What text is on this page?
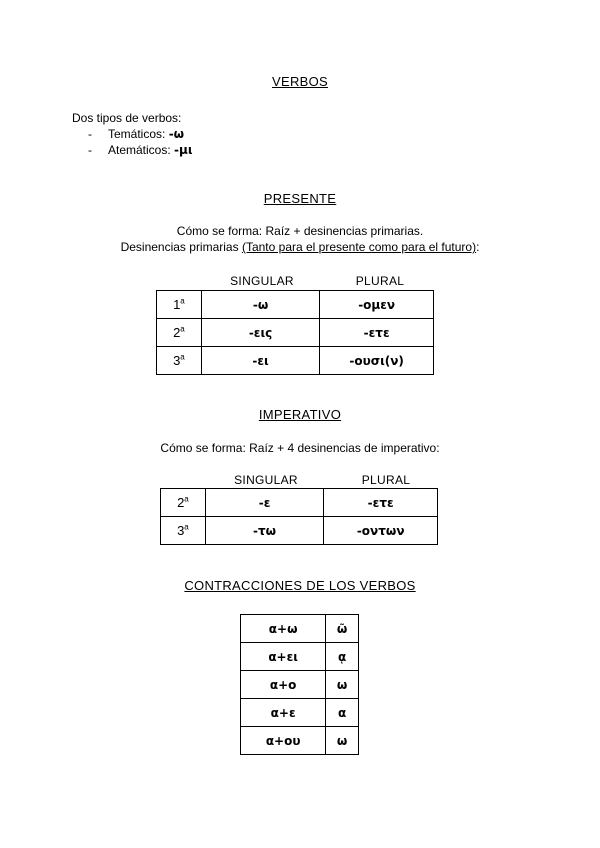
VERBOS
Dos tipos de verbos:
- Temáticos: -ω
- Atemáticos: -μι
PRESENTE
Cómo se forma: Raíz + desinencias primarias.
Desinencias primarias (Tanto para el presente como para el futuro):
SINGULAR	PLURAL
1$^a$	-ω	-ομεν
2$^a$	-εις	-ετε
3$^a$	-ει	-ουσι(ν)
IMPERATIVO
Cómo se forma: Raíz + 4 desinencias de imperativo:
SINGULAR	PLURAL
2$^a$	-ε	-ετε
3$^a$	-τω	-οντων
CONTRACCIONES DE LOS VERBOS
α+ω	ῶ
α+ει	ᾳ
α+ο	ω
α+ε	α
α+ου	ω
